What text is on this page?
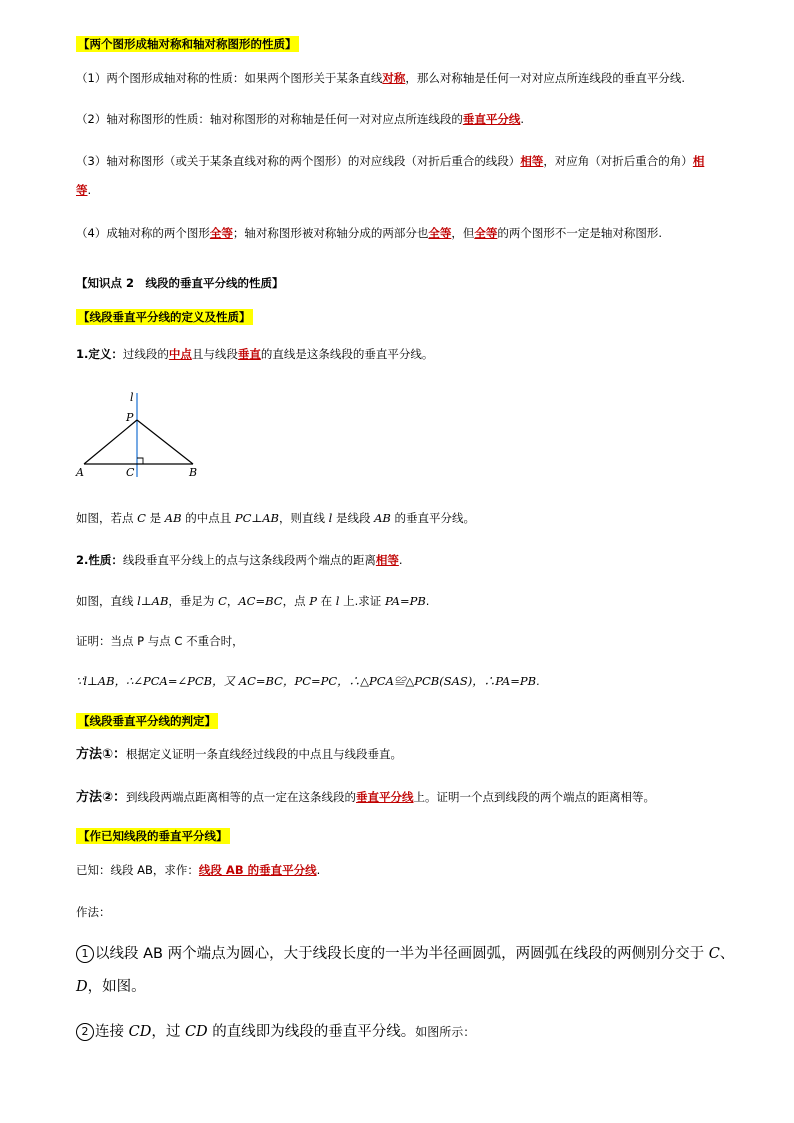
【两个图形成轴对称和轴对称图形的性质】
（1）两个图形成轴对称的性质：如果两个图形关于某条直线对称，那么对称轴是任何一对对应点所连线段的垂直平分线.
（2）轴对称图形的性质：轴对称图形的对称轴是任何一对对应点所连线段的垂直平分线.
（3）轴对称图形（或关于某条直线对称的两个图形）的对应线段（对折后重合的线段）相等，对应角（对折后重合的角）相
等.
（4）成轴对称的两个图形全等；轴对称图形被对称轴分成的两部分也全等，但全等的两个图形不一定是轴对称图形.
【知识点 2　线段的垂直平分线的性质】
【线段垂直平分线的定义及性质】
1.定义：过线段的中点且与线段垂直的直线是这条线段的垂直平分线。
l
P
A	C	B
如图，若点 C 是 AB 的中点且 PC⊥AB，则直线 l 是线段 AB 的垂直平分线。
2.性质：线段垂直平分线上的点与这条线段两个端点的距离相等.
如图，直线 l⊥AB，垂足为 C，AC=BC，点 P 在 l 上.求证 PA=PB.
证明：当点 P 与点 C 不重合时，
∵l⊥AB，∴∠PCA=∠PCB，又 AC=BC，PC=PC，∴△PCA≌△PCB(SAS)，∴PA=PB.
【线段垂直平分线的判定】
方法①：根据定义证明一条直线经过线段的中点且与线段垂直。
方法②：到线段两端点距离相等的点一定在这条线段的垂直平分线上。证明一个点到线段的两个端点的距离相等。
【作已知线段的垂直平分线】
已知：线段 AB，求作：线段 AB 的垂直平分线.
作法：
1 以线段 AB 两个端点为圆心，大于线段长度的一半为半径画圆弧，两圆弧在线段的两侧别分交于 C、
D，如图。
2 连接 CD，过 CD 的直线即为线段的垂直平分线。如图所示：
